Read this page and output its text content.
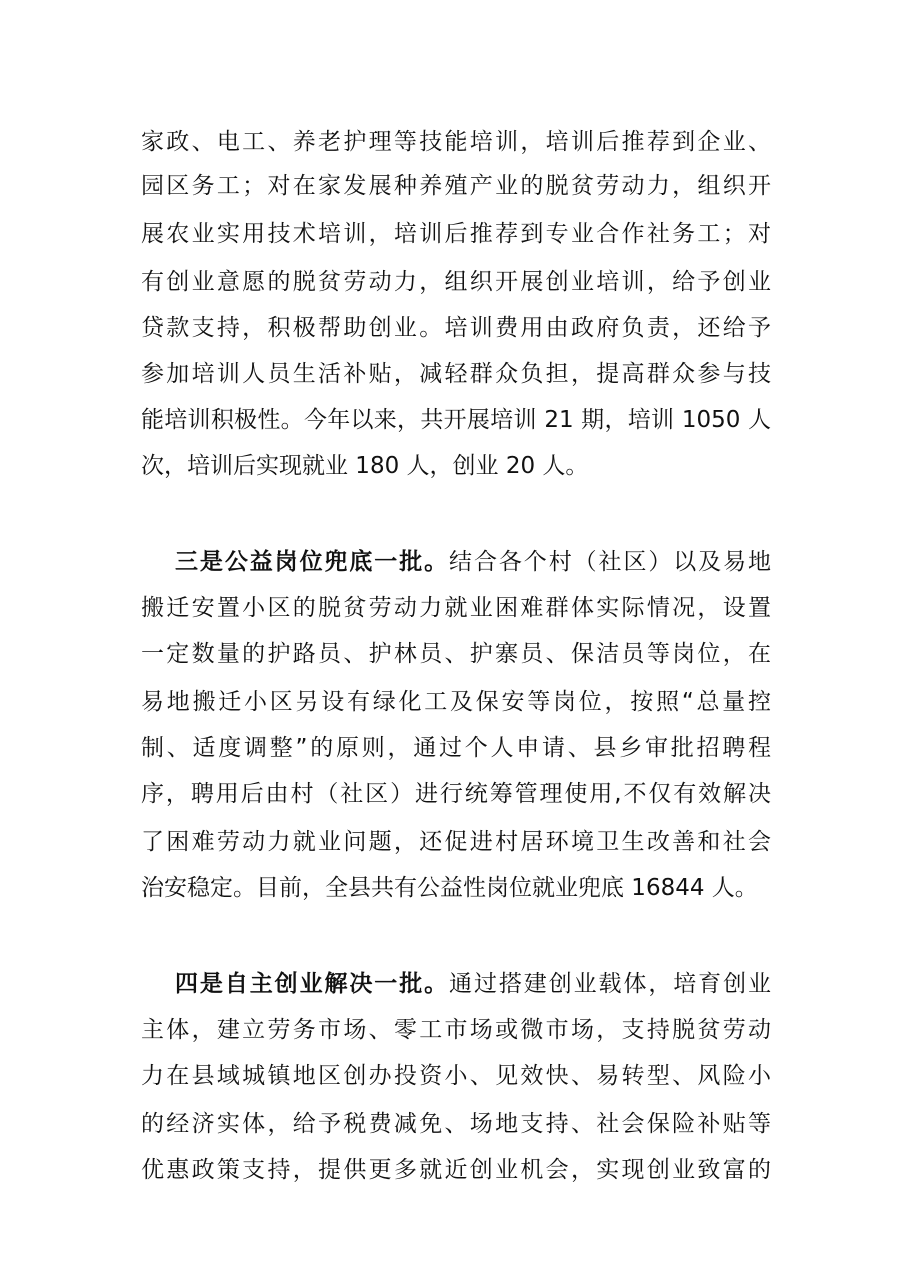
家政、电工、养老护理等技能培训，培训后推荐到企业、
园区务工；对在家发展种养殖产业的脱贫劳动力，组织开
展农业实用技术培训，培训后推荐到专业合作社务工；对
有创业意愿的脱贫劳动力，组织开展创业培训，给予创业
贷款支持，积极帮助创业。培训费用由政府负责，还给予
参加培训人员生活补贴，减轻群众负担，提高群众参与技
能培训积极性。今年以来，共开展培训 21 期，培训 1050 人
次，培训后实现就业 180 人，创业 20 人。
三是公益岗位兜底一批。结合各个村（社区）以及易地
搬迁安置小区的脱贫劳动力就业困难群体实际情况，设置
一定数量的护路员、护林员、护寨员、保洁员等岗位，在
易地搬迁小区另设有绿化工及保安等岗位，按照“总量控
制、适度调整”的原则，通过个人申请、县乡审批招聘程
序，聘用后由村（社区）进行统筹管理使用,不仅有效解决
了困难劳动力就业问题，还促进村居环境卫生改善和社会
治安稳定。目前，全县共有公益性岗位就业兜底 16844 人。
四是自主创业解决一批。通过搭建创业载体，培育创业
主体，建立劳务市场、零工市场或微市场，支持脱贫劳动
力在县域城镇地区创办投资小、见效快、易转型、风险小
的经济实体，给予税费减免、场地支持、社会保险补贴等
优惠政策支持，提供更多就近创业机会，实现创业致富的
